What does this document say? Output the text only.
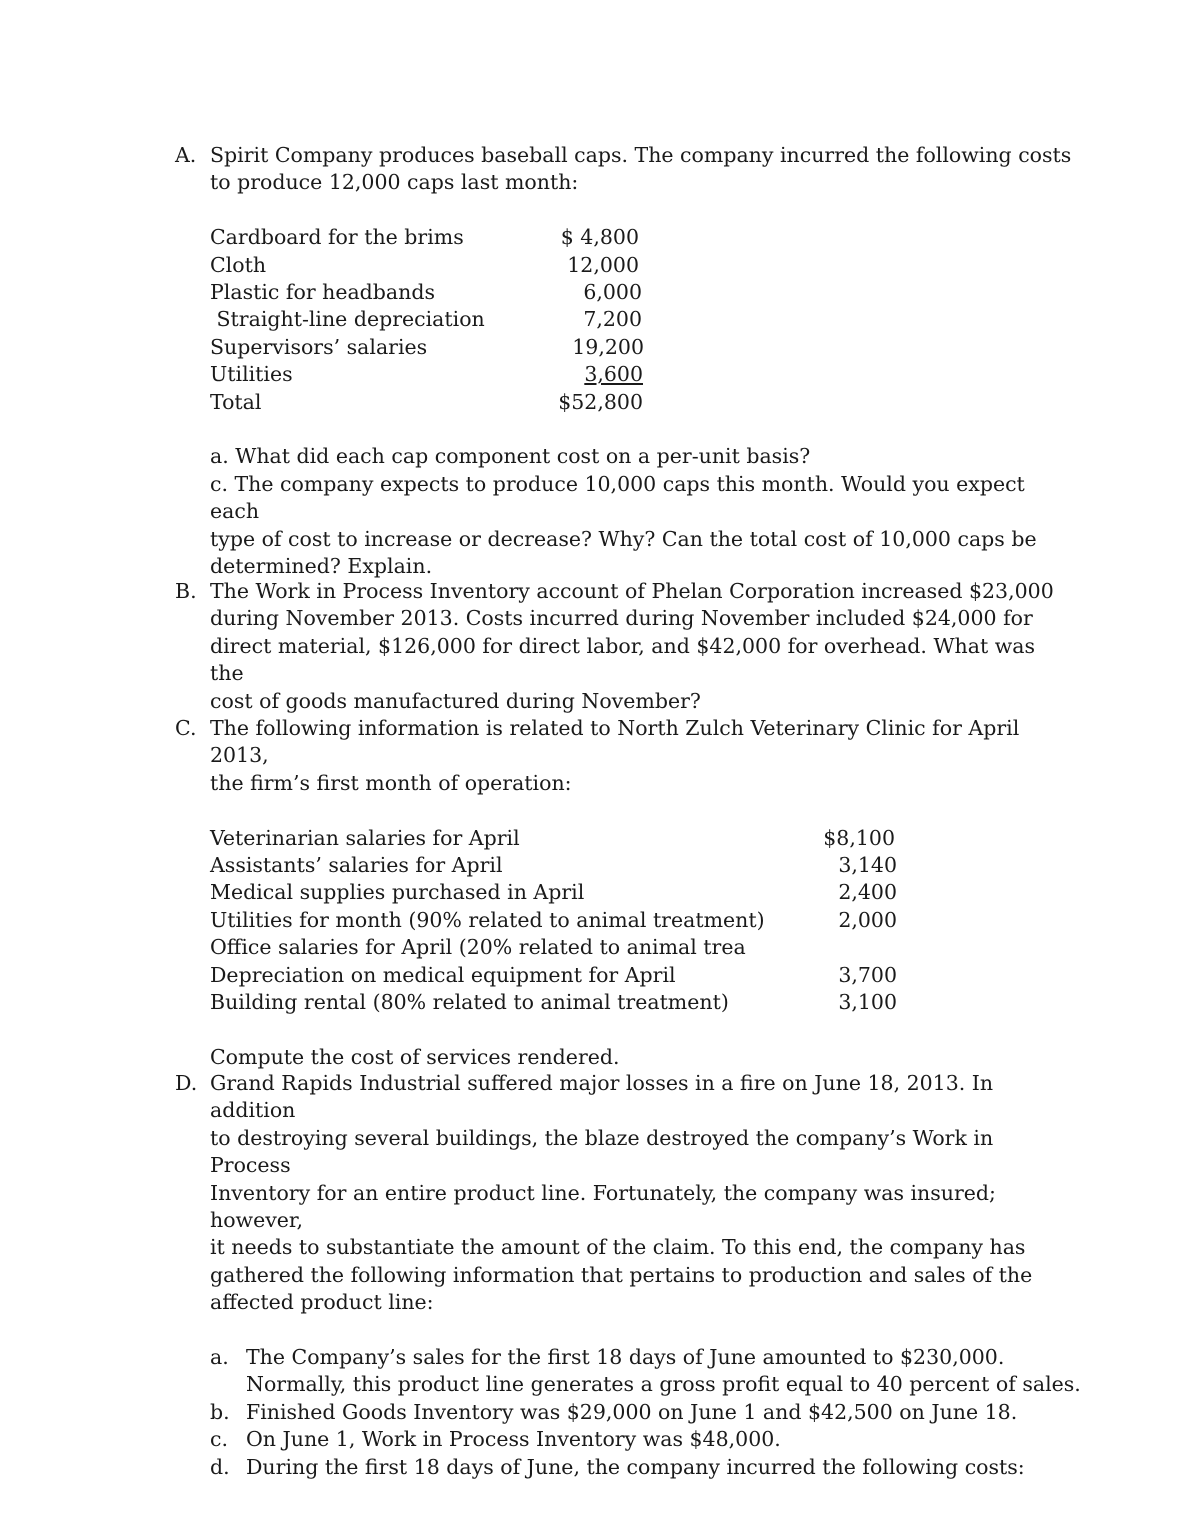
A. Spirit Company produces baseball caps. The company incurred the following costs
to produce 12,000 caps last month:

Cardboard for the brims	$ 4,800
Cloth	12,000
Plastic for headbands	6,000
Straight-line depreciation	7,200
Supervisors’ salaries	19,200
Utilities	3,600
Total	$52,800

a. What did each cap component cost on a per-unit basis?
c. The company expects to produce 10,000 caps this month. Would you expect each
type of cost to increase or decrease? Why? Can the total cost of 10,000 caps be
determined? Explain.

B. The Work in Process Inventory account of Phelan Corporation increased $23,000
during November 2013. Costs incurred during November included $24,000 for
direct material, $126,000 for direct labor, and $42,000 for overhead. What was the
cost of goods manufactured during November?

C. The following information is related to North Zulch Veterinary Clinic for April 2013,
the firm’s first month of operation:

Veterinarian salaries for April	$8,100
Assistants’ salaries for April	3,140
Medical supplies purchased in April	2,400
Utilities for month (90% related to animal treatment)	2,000
Office salaries for April (20% related to animal trea
Depreciation on medical equipment for April	3,700
Building rental (80% related to animal treatment)	3,100

Compute the cost of services rendered.

D. Grand Rapids Industrial suffered major losses in a fire on June 18, 2013. In addition
to destroying several buildings, the blaze destroyed the company’s Work in Process
Inventory for an entire product line. Fortunately, the company was insured; however,
it needs to substantiate the amount of the claim. To this end, the company has
gathered the following information that pertains to production and sales of the
affected product line:

a. The Company’s sales for the first 18 days of June amounted to $230,000.
Normally, this product line generates a gross profit equal to 40 percent of sales.
b. Finished Goods Inventory was $29,000 on June 1 and $42,500 on June 18.
c. On June 1, Work in Process Inventory was $48,000.
d. During the first 18 days of June, the company incurred the following costs:
